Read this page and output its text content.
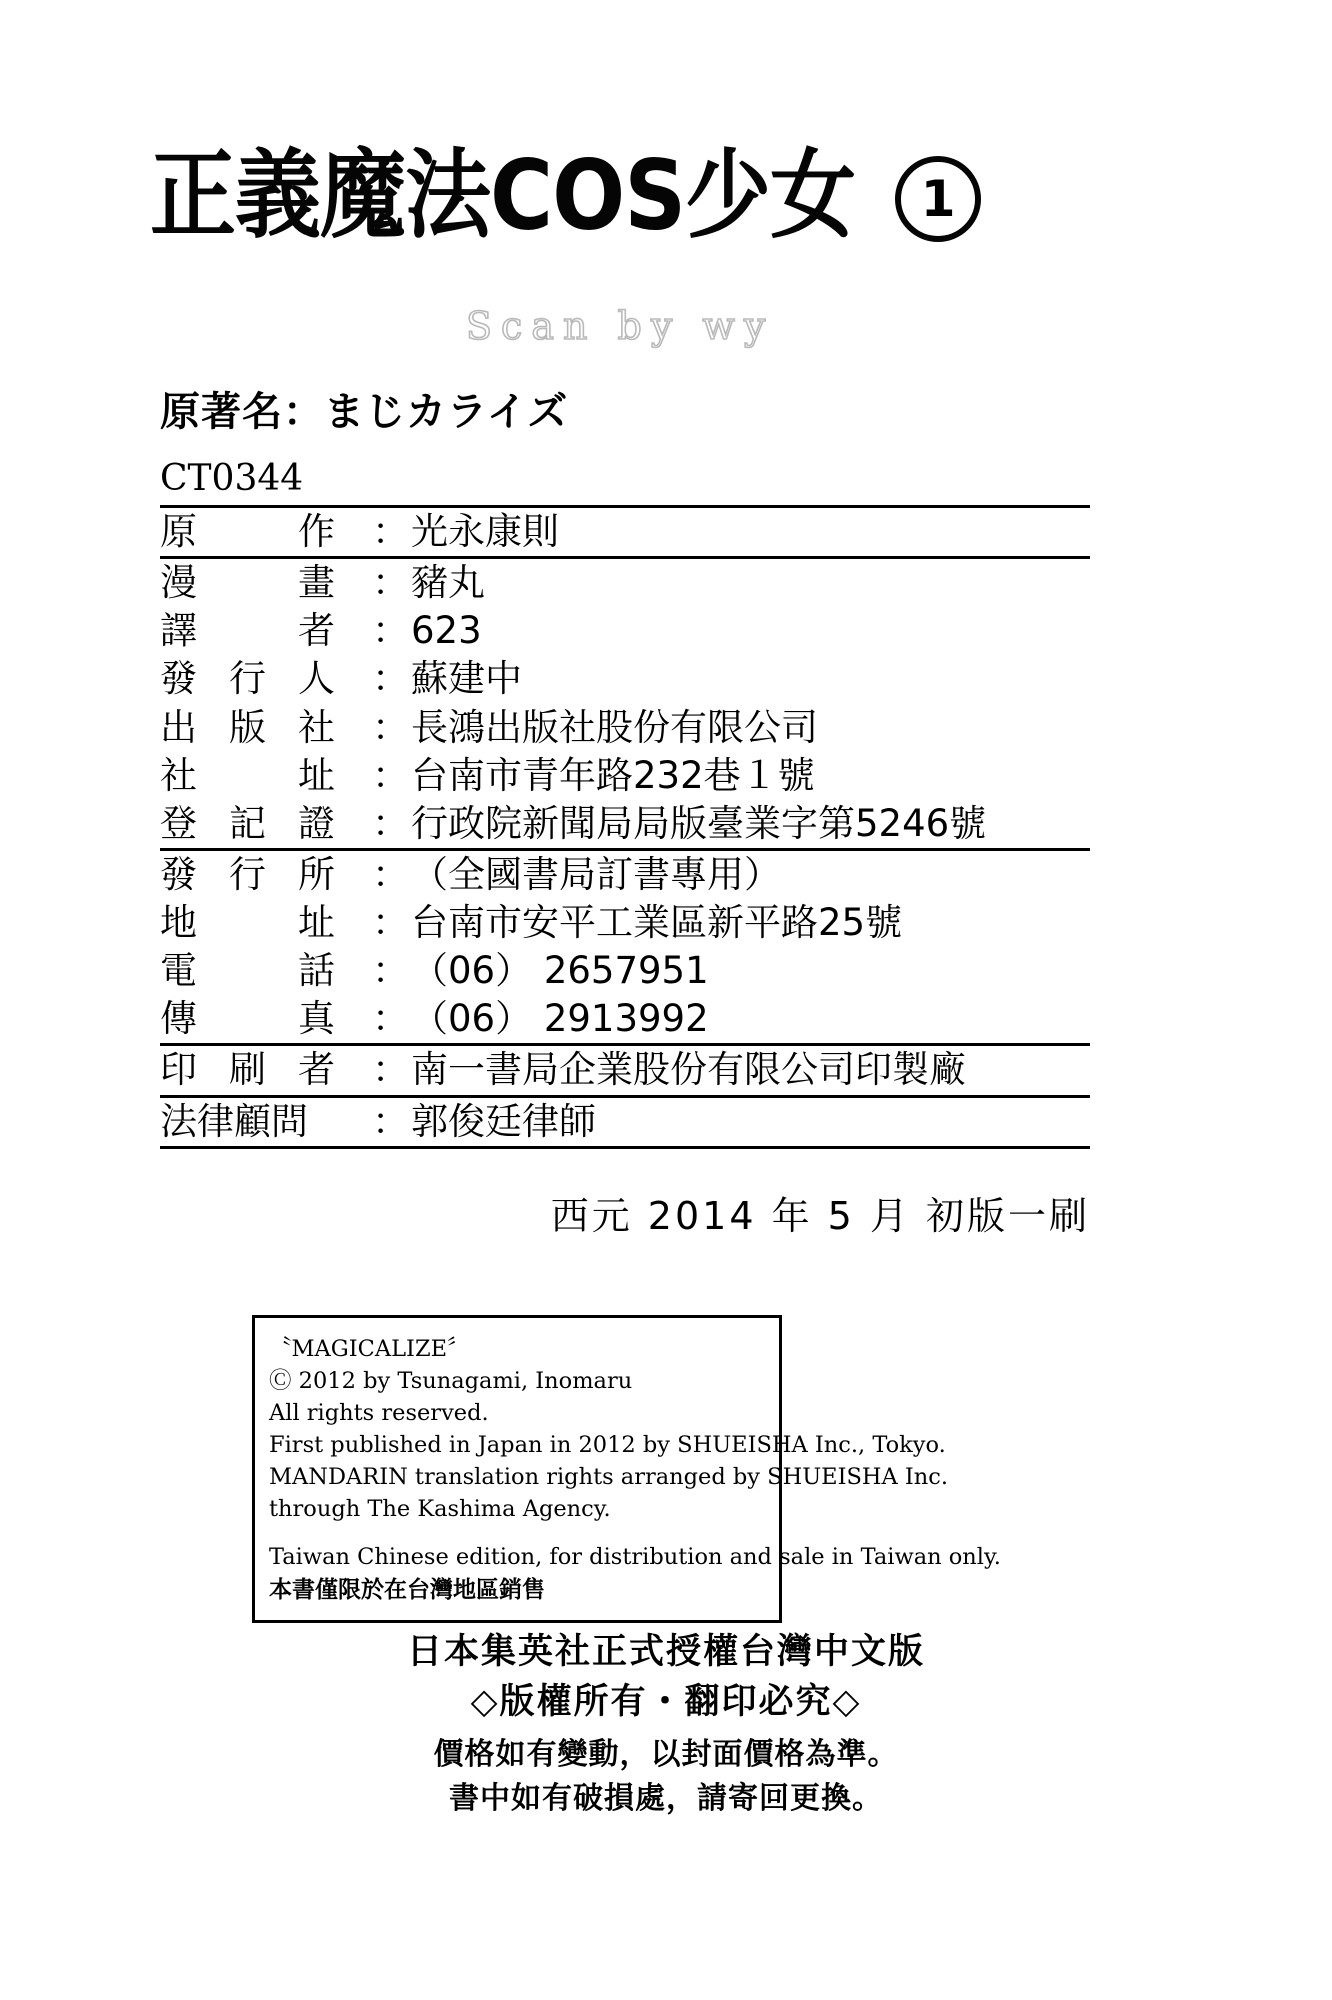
正義魔法COS少女	1
Scan by wy
原著名：まじカライズ
CT0344
原	作 ： 光永康則
漫	畫 ： 豬丸
譯	者 ： 623
發 行 人 ： 蘇建中
出 版 社 ： 長鴻出版社股份有限公司
社	址 ： 台南市青年路232巷１號
登 記 證 ： 行政院新聞局局版臺業字第5246號
發 行 所 ： （全國書局訂書專用）
地	址 ： 台南市安平工業區新平路25號
電	話 ： （06） 2657951
傳	真 ： （06） 2913992
印 刷 者 ： 南一書局企業股份有限公司印製廠
法律顧問	： 郭俊廷律師
西元 2014 年 5 月 初版一刷
〝MAGICALIZE〞
Ⓒ 2012 by Tsunagami, Inomaru
All rights reserved.
First published in Japan in 2012 by SHUEISHA Inc., Tokyo.
MANDARIN translation rights arranged by SHUEISHA Inc.
through The Kashima Agency.
Taiwan Chinese edition, for distribution and sale in Taiwan only.
本書僅限於在台灣地區銷售
日本集英社正式授權台灣中文版
◇版權所有・翻印必究◇
價格如有變動，以封面價格為準。
書中如有破損處，請寄回更換。
